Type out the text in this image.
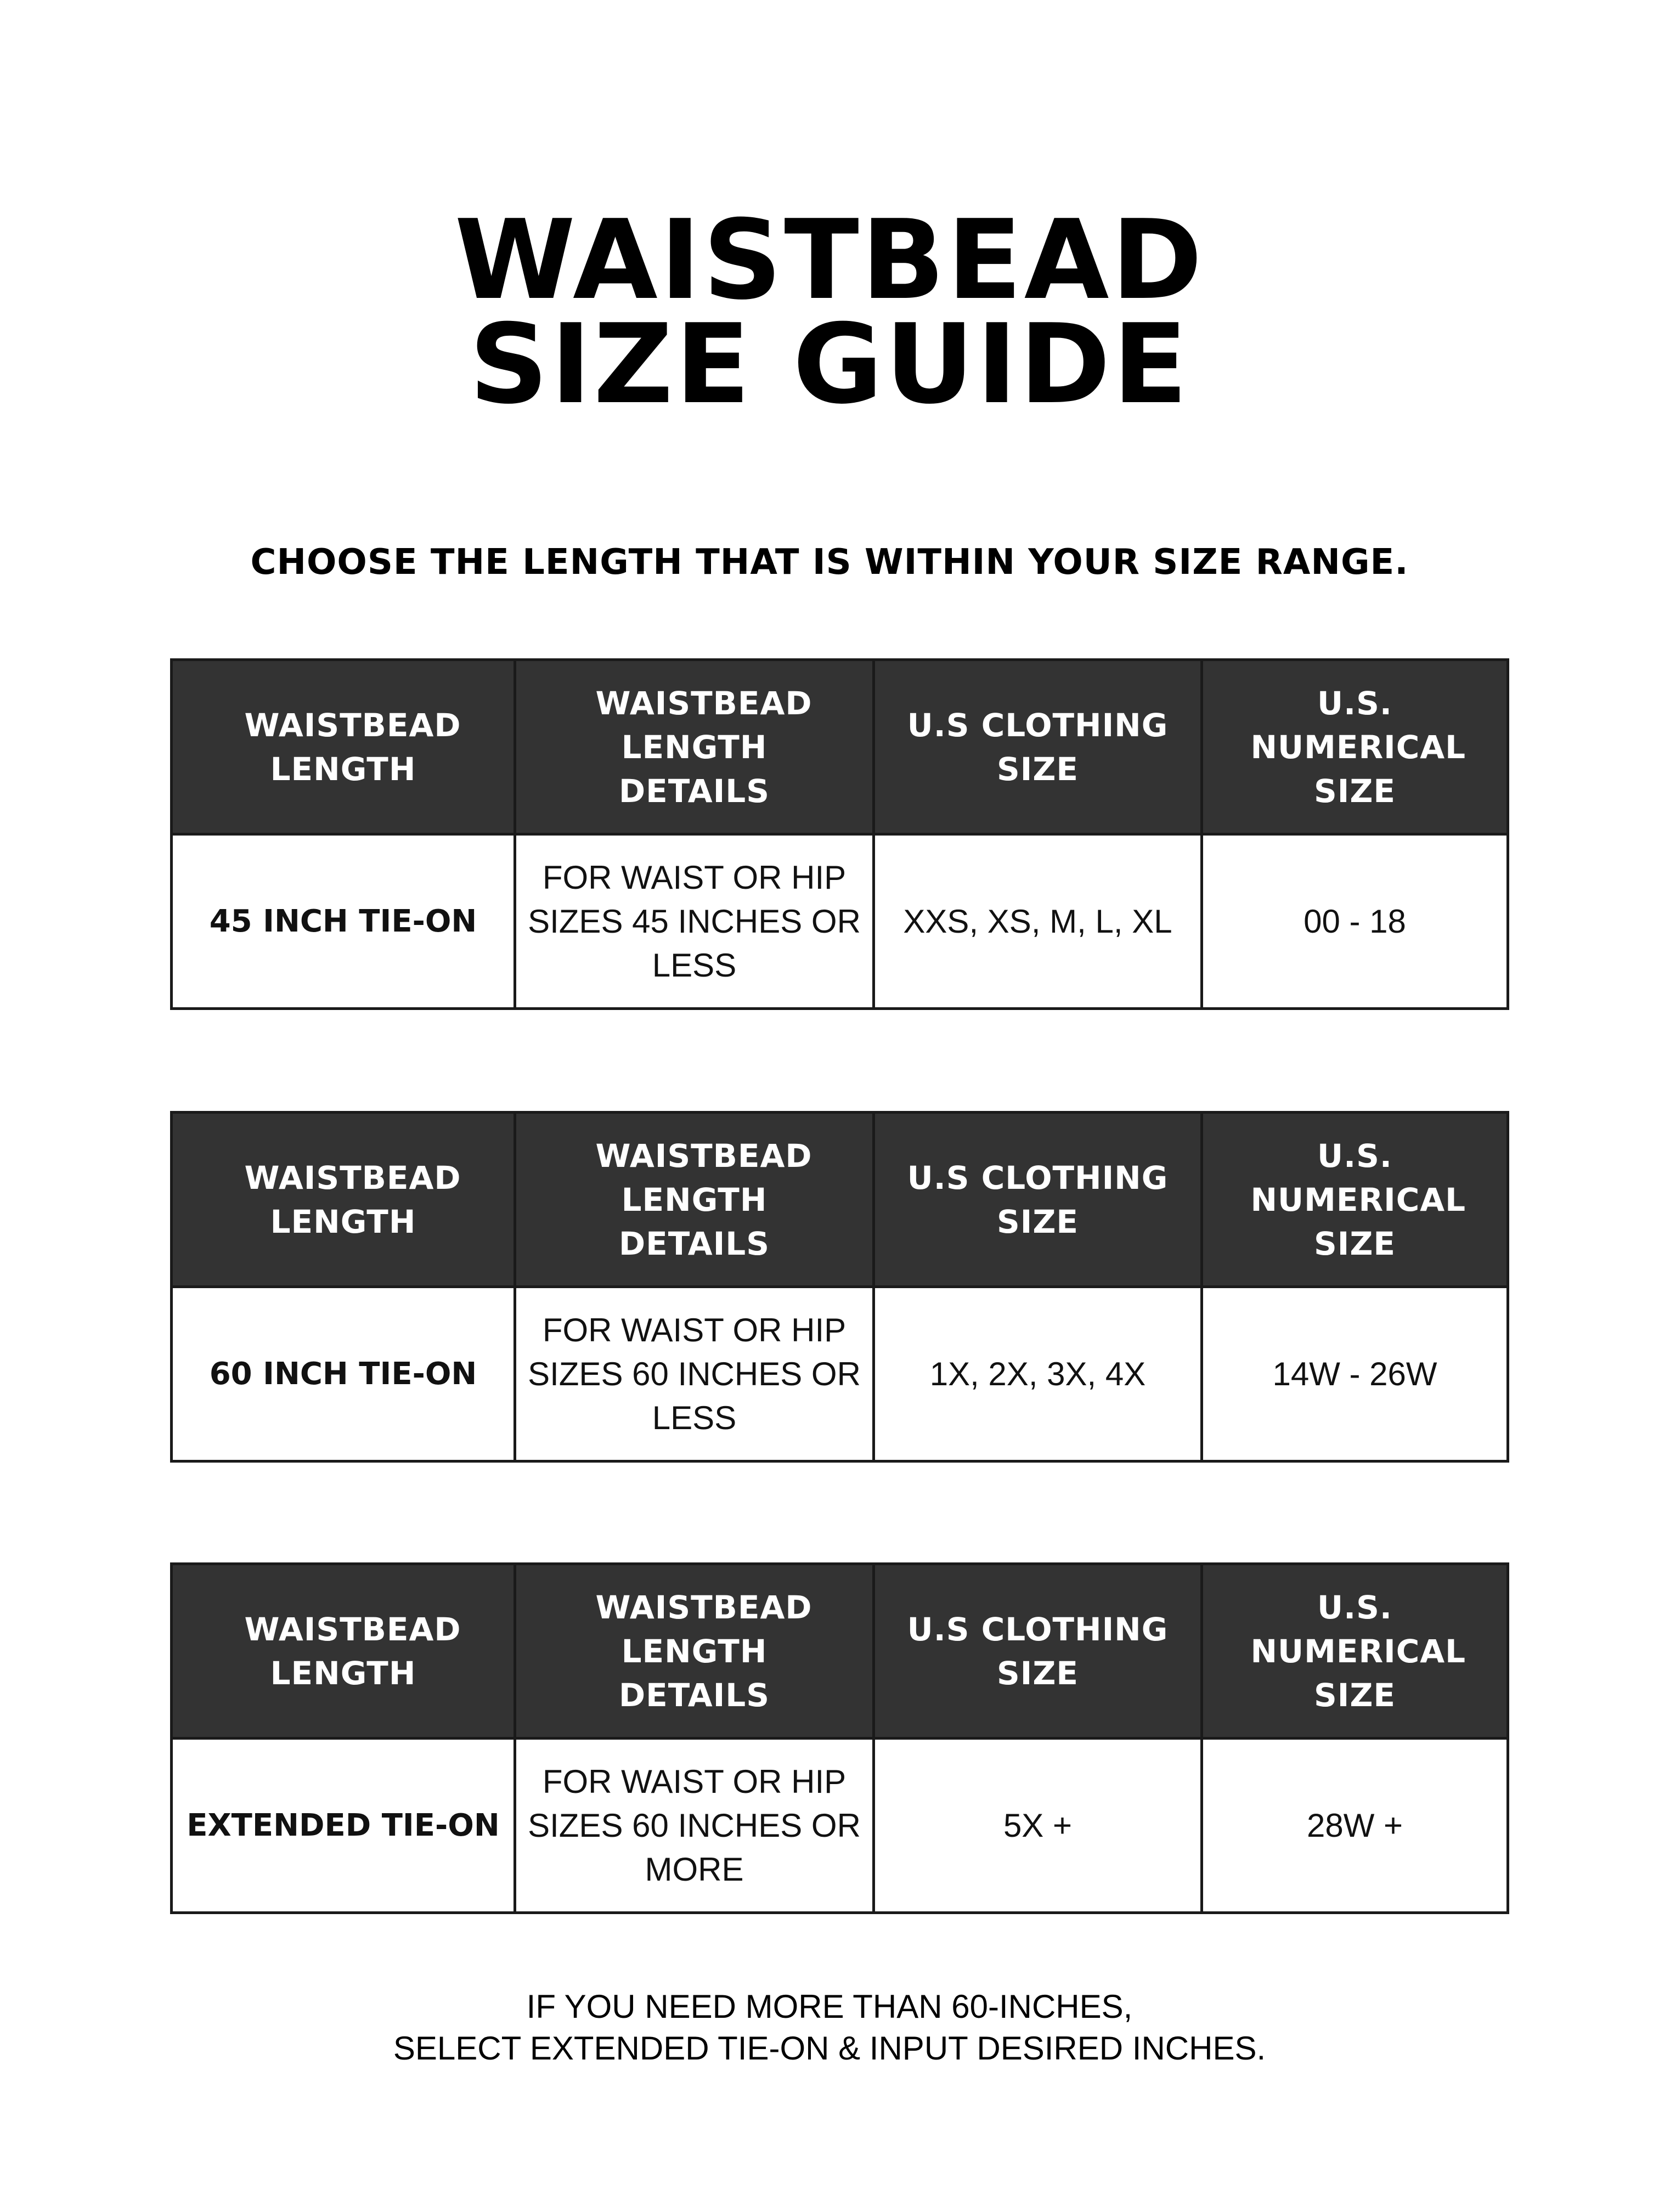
WAISTBEAD
SIZE GUIDE
CHOOSE THE LENGTH THAT IS WITHIN YOUR SIZE RANGE.
WAISTBEAD LENGTH	WAISTBEAD LENGTH DETAILS	U.S CLOTHING SIZE	U.S. NUMERICAL SIZE

45 INCH TIE-ON	FOR WAIST OR HIP SIZES 45 INCHES OR LESS	XXS, XS, M, L, XL	00 - 18
WAISTBEAD LENGTH	WAISTBEAD LENGTH DETAILS	U.S CLOTHING SIZE	U.S. NUMERICAL SIZE

60 INCH TIE-ON	FOR WAIST OR HIP SIZES 60 INCHES OR LESS	1X, 2X, 3X, 4X	14W - 26W
WAISTBEAD LENGTH	WAISTBEAD LENGTH DETAILS	U.S CLOTHING SIZE	U.S. NUMERICAL SIZE

EXTENDED TIE-ON	FOR WAIST OR HIP SIZES 60 INCHES OR MORE	5X +	28W +
IF YOU NEED MORE THAN 60-INCHES,
SELECT EXTENDED TIE-ON & INPUT DESIRED INCHES.
